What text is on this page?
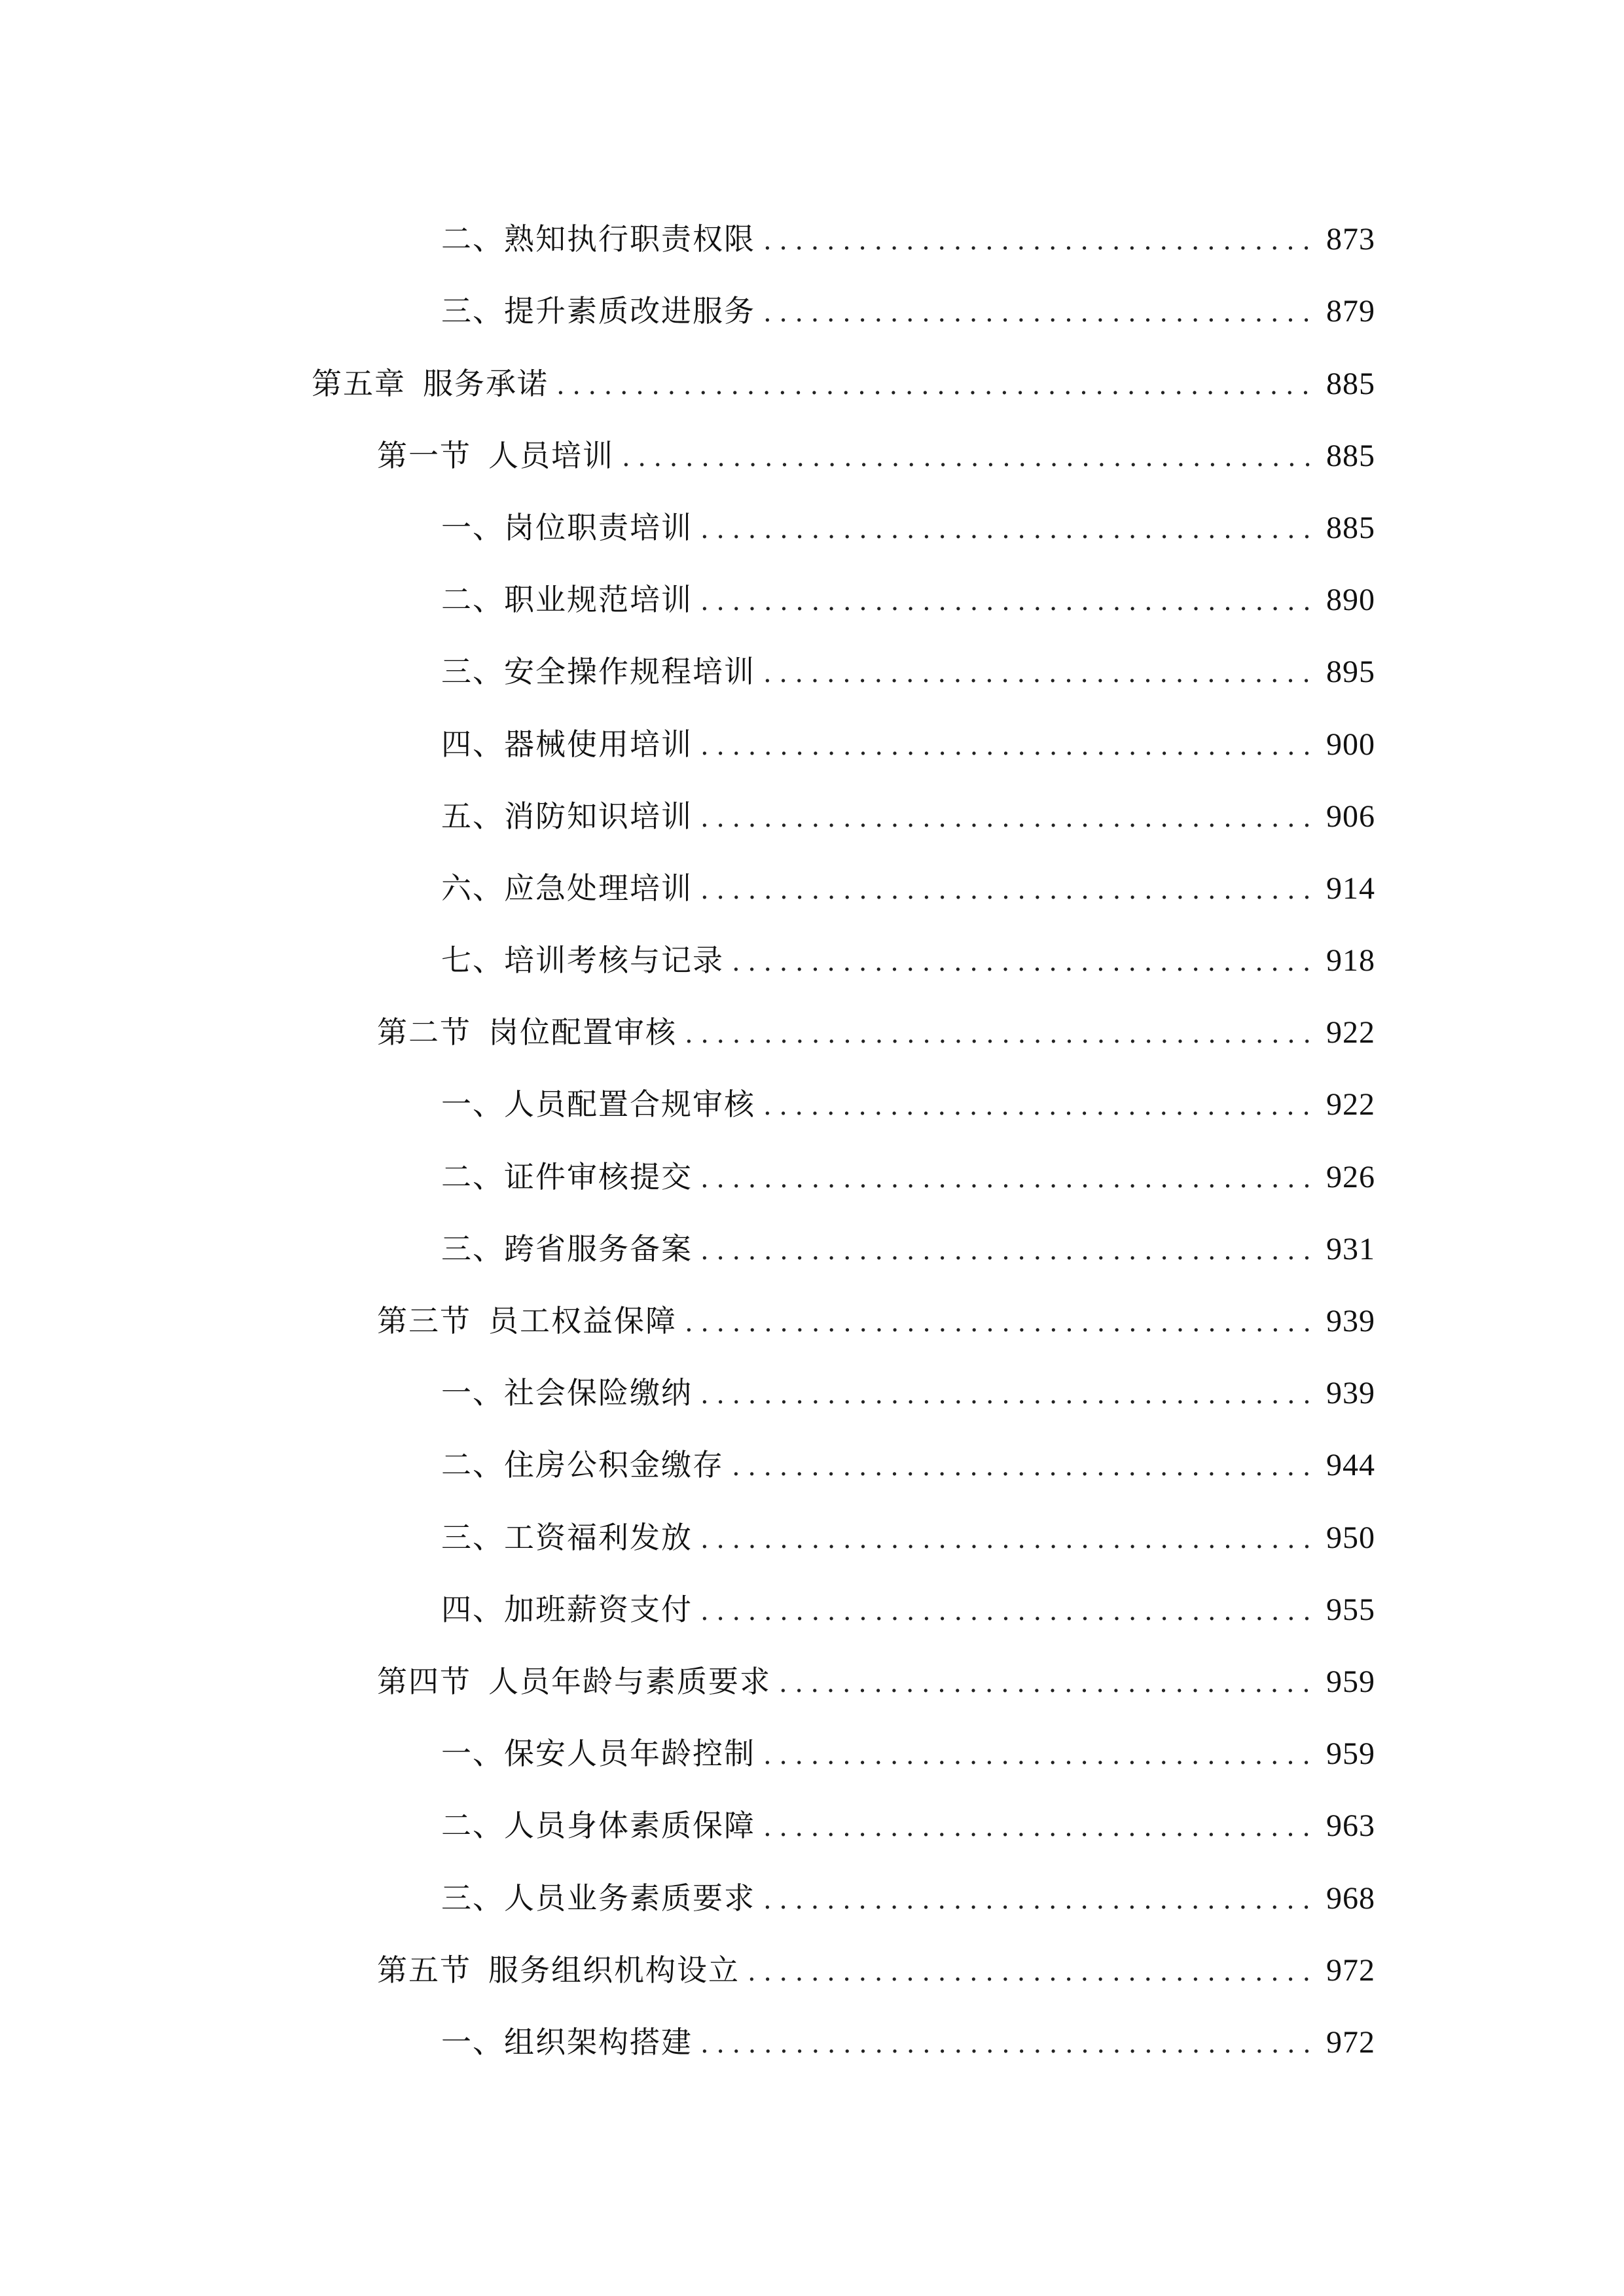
二、 熟知执行职责权限 .....	873
三、 提升素质改进服务 .....	879
第五章 服务承诺 .....	885
第一节 人员培训 .....	885
一、 岗位职责培训 .....	885
二、 职业规范培训 .....	890
三、 安全操作规程培训 .....	895
四、 器械使用培训 .....	900
五、 消防知识培训 .....	906
六、 应急处理培训 .....	914
七、 培训考核与记录 .....	918
第二节 岗位配置审核 .....	922
一、 人员配置合规审核 .....	922
二、 证件审核提交 .....	926
三、 跨省服务备案 .....	931
第三节 员工权益保障 .....	939
一、 社会保险缴纳 .....	939
二、 住房公积金缴存 .....	944
三、 工资福利发放 .....	950
四、 加班薪资支付 .....	955
第四节 人员年龄与素质要求 .....	959
一、 保安人员年龄控制 .....	959
二、 人员身体素质保障 .....	963
三、 人员业务素质要求 .....	968
第五节 服务组织机构设立 .....	972
一、 组织架构搭建 .....	972
